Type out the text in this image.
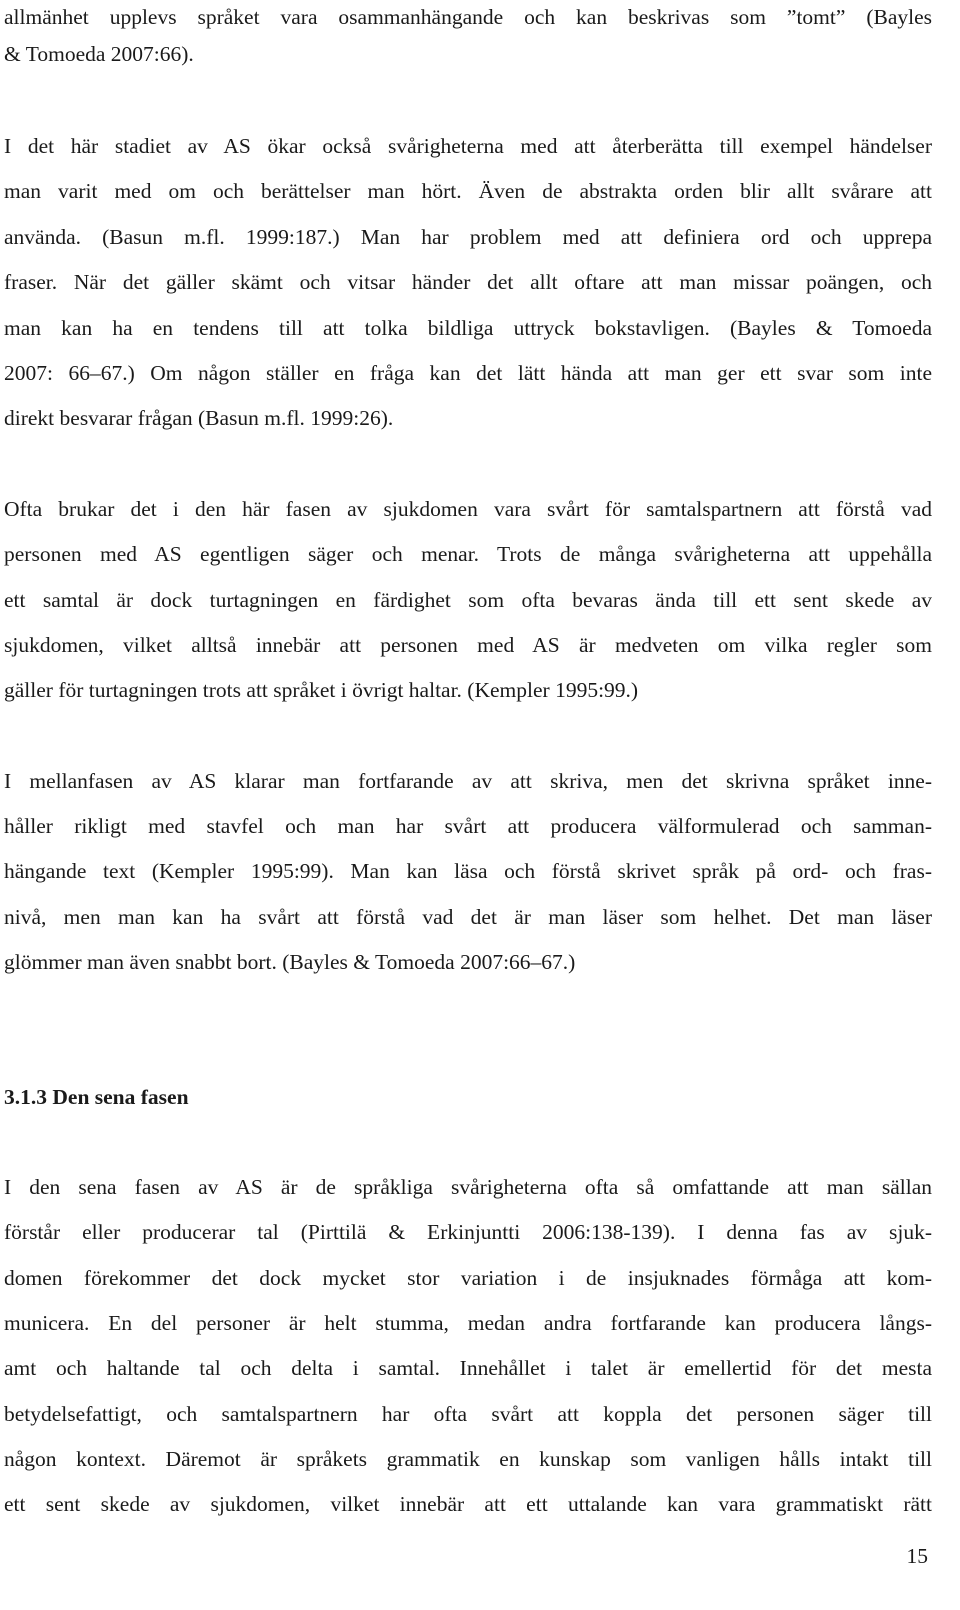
allmänhet upplevs språket vara osammanhängande och kan beskrivas som ”tomt” (Bayles
& Tomoeda 2007:66).
I det här stadiet av AS ökar också svårigheterna med att återberätta till exempel händelser
man varit med om och berättelser man hört. Även de abstrakta orden blir allt svårare att
använda. (Basun m.fl. 1999:187.) Man har problem med att definiera ord och upprepa
fraser. När det gäller skämt och vitsar händer det allt oftare att man missar poängen, och
man kan ha en tendens till att tolka bildliga uttryck bokstavligen. (Bayles & Tomoeda
2007: 66–67.) Om någon ställer en fråga kan det lätt hända att man ger ett svar som inte
direkt besvarar frågan (Basun m.fl. 1999:26).
Ofta brukar det i den här fasen av sjukdomen vara svårt för samtalspartnern att förstå vad
personen med AS egentligen säger och menar. Trots de många svårigheterna att uppehålla
ett samtal är dock turtagningen en färdighet som ofta bevaras ända till ett sent skede av
sjukdomen, vilket alltså innebär att personen med AS är medveten om vilka regler som
gäller för turtagningen trots att språket i övrigt haltar. (Kempler 1995:99.)
I mellanfasen av AS klarar man fortfarande av att skriva, men det skrivna språket inne-
håller rikligt med stavfel och man har svårt att producera välformulerad och samman-
hängande text (Kempler 1995:99). Man kan läsa och förstå skrivet språk på ord- och fras-
nivå, men man kan ha svårt att förstå vad det är man läser som helhet. Det man läser
glömmer man även snabbt bort. (Bayles & Tomoeda 2007:66–67.)
3.1.3 Den sena fasen
I den sena fasen av AS är de språkliga svårigheterna ofta så omfattande att man sällan
förstår eller producerar tal (Pirttilä & Erkinjuntti 2006:138-139). I denna fas av sjuk-
domen förekommer det dock mycket stor variation i de insjuknades förmåga att kom-
municera. En del personer är helt stumma, medan andra fortfarande kan producera långs-
amt och haltande tal och delta i samtal. Innehållet i talet är emellertid för det mesta
betydelsefattigt, och samtalspartnern har ofta svårt att koppla det personen säger till
någon kontext. Däremot är språkets grammatik en kunskap som vanligen hålls intakt till
ett sent skede av sjukdomen, vilket innebär att ett uttalande kan vara grammatiskt rätt
15
